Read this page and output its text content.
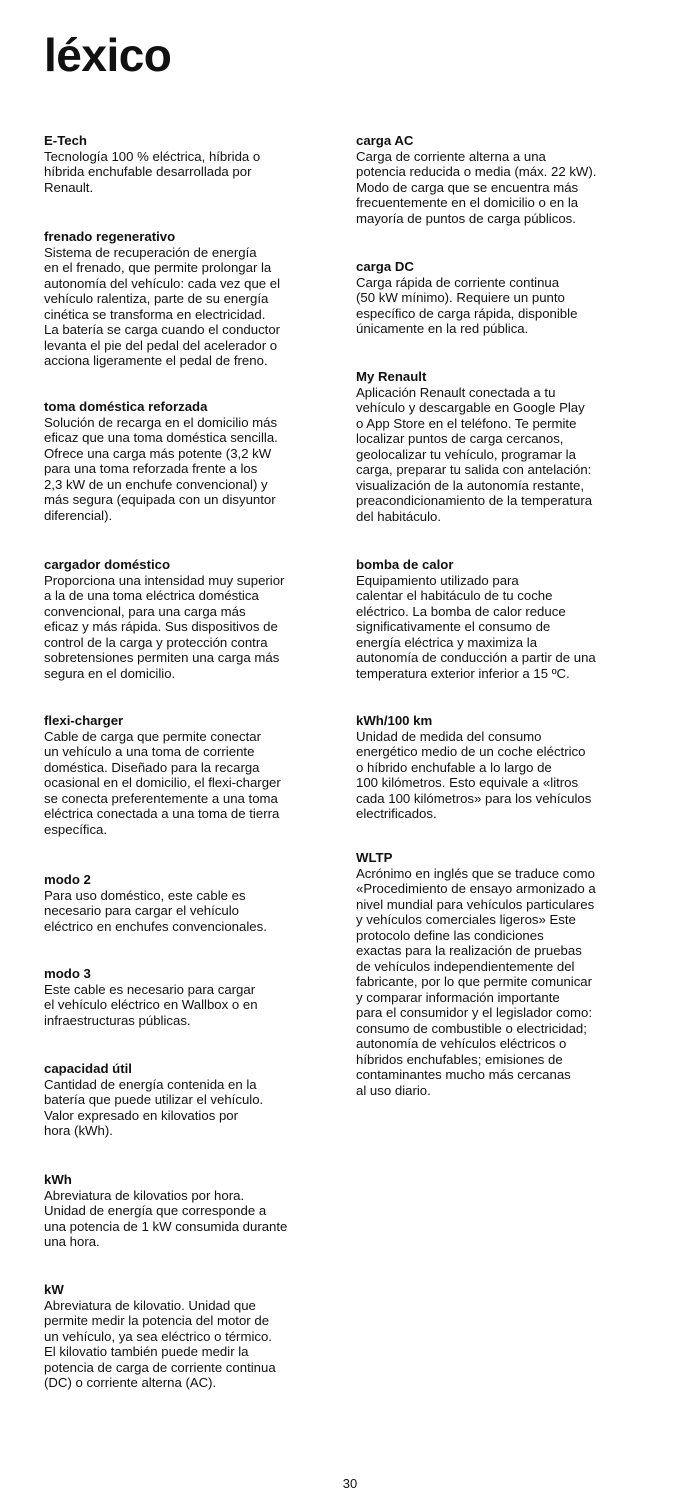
léxico
E-Tech
Tecnología 100 % eléctrica, híbrida o
híbrida enchufable desarrollada por
Renault.
frenado regenerativo
Sistema de recuperación de energía
en el frenado, que permite prolongar la
autonomía del vehículo: cada vez que el
vehículo ralentiza, parte de su energía
cinética se transforma en electricidad.
La batería se carga cuando el conductor
levanta el pie del pedal del acelerador o
acciona ligeramente el pedal de freno.
toma doméstica reforzada
Solución de recarga en el domicilio más
eficaz que una toma doméstica sencilla.
Ofrece una carga más potente (3,2 kW
para una toma reforzada frente a los
2,3 kW de un enchufe convencional) y
más segura (equipada con un disyuntor
diferencial).
cargador doméstico
Proporciona una intensidad muy superior
a la de una toma eléctrica doméstica
convencional, para una carga más
eficaz y más rápida. Sus dispositivos de
control de la carga y protección contra
sobretensiones permiten una carga más
segura en el domicilio.
flexi-charger
Cable de carga que permite conectar
un vehículo a una toma de corriente
doméstica. Diseñado para la recarga
ocasional en el domicilio, el flexi-charger
se conecta preferentemente a una toma
eléctrica conectada a una toma de tierra
específica.
modo 2
Para uso doméstico, este cable es
necesario para cargar el vehículo
eléctrico en enchufes convencionales.
modo 3
Este cable es necesario para cargar
el vehículo eléctrico en Wallbox o en
infraestructuras públicas.
capacidad útil
Cantidad de energía contenida en la
batería que puede utilizar el vehículo.
Valor expresado en kilovatios por
hora (kWh).
kWh
Abreviatura de kilovatios por hora.
Unidad de energía que corresponde a
una potencia de 1 kW consumida durante
una hora.
kW
Abreviatura de kilovatio. Unidad que
permite medir la potencia del motor de
un vehículo, ya sea eléctrico o térmico.
El kilovatio también puede medir la
potencia de carga de corriente continua
(DC) o corriente alterna (AC).
carga AC
Carga de corriente alterna a una
potencia reducida o media (máx. 22 kW).
Modo de carga que se encuentra más
frecuentemente en el domicilio o en la
mayoría de puntos de carga públicos.
carga DC
Carga rápida de corriente continua
(50 kW mínimo). Requiere un punto
específico de carga rápida, disponible
únicamente en la red pública.
My Renault
Aplicación Renault conectada a tu
vehículo y descargable en Google Play
o App Store en el teléfono. Te permite
localizar puntos de carga cercanos,
geolocalizar tu vehículo, programar la
carga, preparar tu salida con antelación:
visualización de la autonomía restante,
preacondicionamiento de la temperatura
del habitáculo.
bomba de calor
Equipamiento utilizado para
calentar el habitáculo de tu coche
eléctrico. La bomba de calor reduce
significativamente el consumo de
energía eléctrica y maximiza la
autonomía de conducción a partir de una
temperatura exterior inferior a 15 ºC.
kWh/100 km
Unidad de medida del consumo
energético medio de un coche eléctrico
o híbrido enchufable a lo largo de
100 kilómetros. Esto equivale a «litros
cada 100 kilómetros» para los vehículos
electrificados.
WLTP
Acrónimo en inglés que se traduce como
«Procedimiento de ensayo armonizado a
nivel mundial para vehículos particulares
y vehículos comerciales ligeros» Este
protocolo define las condiciones
exactas para la realización de pruebas
de vehículos independientemente del
fabricante, por lo que permite comunicar
y comparar información importante
para el consumidor y el legislador como:
consumo de combustible o electricidad;
autonomía de vehículos eléctricos o
híbridos enchufables; emisiones de
contaminantes mucho más cercanas
al uso diario.
30
